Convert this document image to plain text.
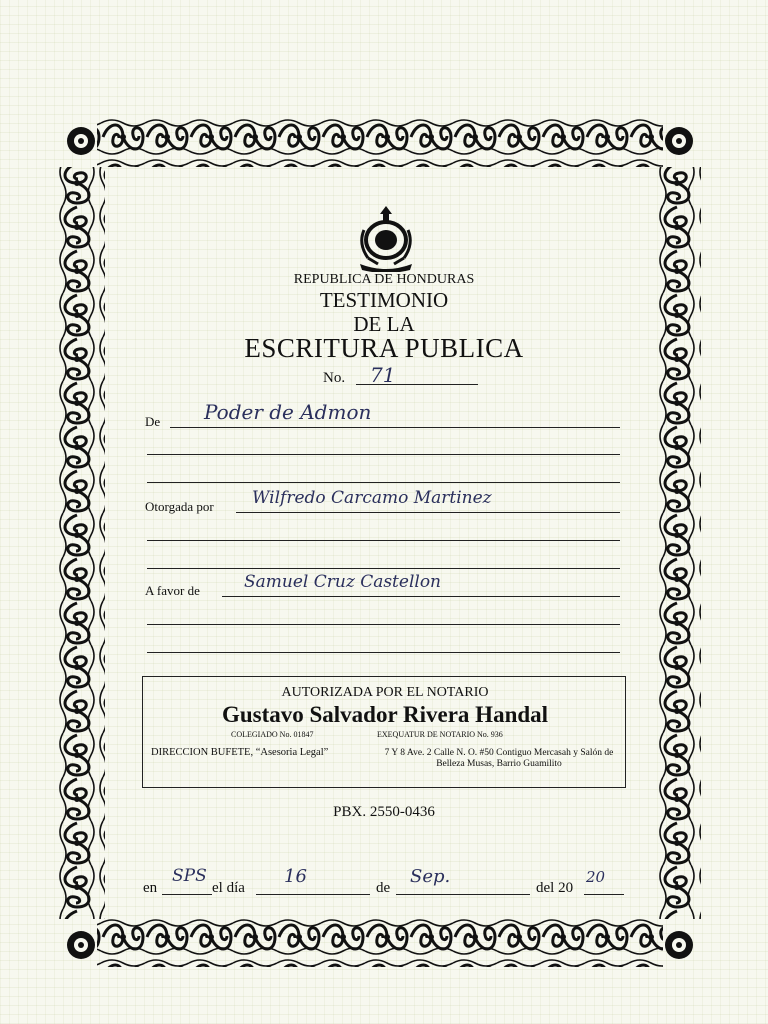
REPUBLICA DE HONDURAS
TESTIMONIO
DE LA
ESCRITURA PUBLICA
No. 71
De Poder de Admon
Otorgada por Wilfredo Carcamo Martinez
A favor de	Samuel Cruz Castellon
AUTORIZADA POR EL NOTARIO
Gustavo Salvador Rivera Handal
COLEGIADO No. 01847	EXEQUATUR DE NOTARIO No. 936
DIRECCION BUFETE, “Asesoria Legal”	7 Y 8 Ave. 2 Calle N. O. #50 Contiguo Mercasah y Salón de Belleza Musas, Barrio Guamilito
PBX. 2550-0436
en
SPS
el día
16
de
Sep.
del 20
20
